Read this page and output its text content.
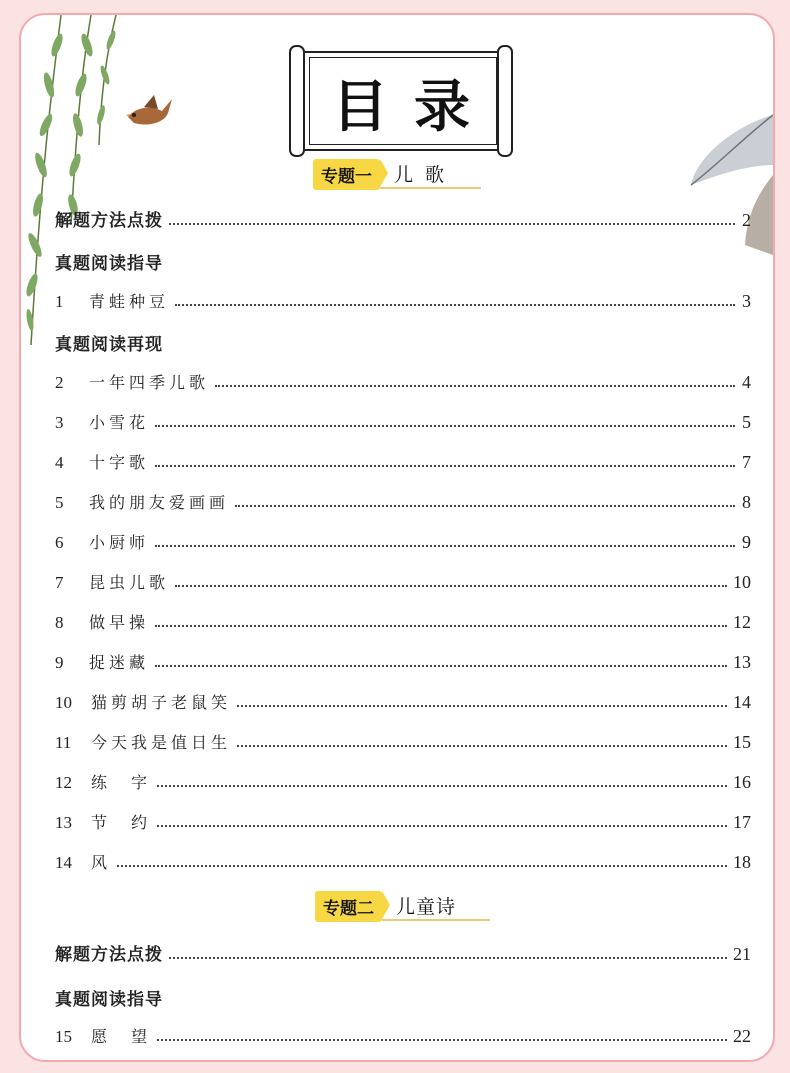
目录
专题一	儿 歌
解题方法点拨	2
真题阅读指导
1	青蛙种豆	3
真题阅读再现
2	一年四季儿歌	4
3	小雪花	5
4	十字歌	7
5	我的朋友爱画画	8
6	小厨师	9
7	昆虫儿歌	10
8	做早操	12
9	捉迷藏	13
10	猫剪胡子老鼠笑	14
11	今天我是值日生	15
12	练　字	16
13	节　约	17
14	风	18
专题二	儿童诗
解题方法点拨	21
真题阅读指导
15	愿　望	22
